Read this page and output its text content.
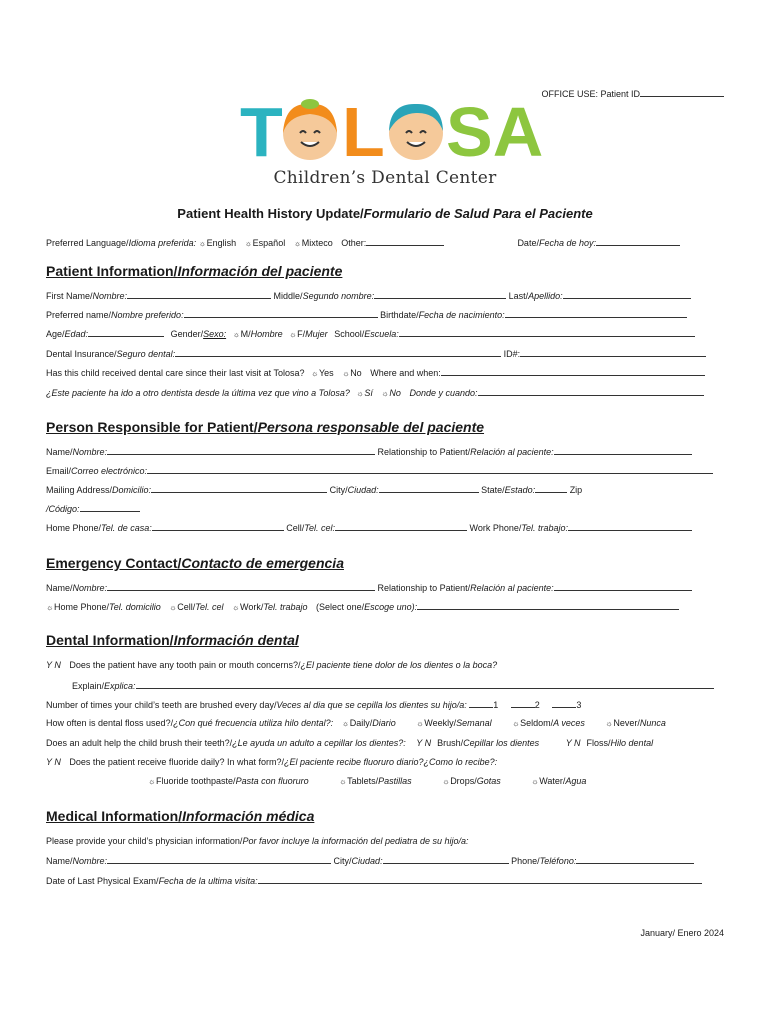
OFFICE USE: Patient ID
T L SA
Children’s Dental Center
Patient Health History Update/Formulario de Salud Para el Paciente
Preferred Language/Idioma preferida: ☼English ☼Español ☼Mixteco Other:	Date/Fecha de hoy:
Patient Information/Información del paciente
First Name/Nombre:	Middle/Segundo nombre:	Last/Apellido:
Preferred name/Nombre preferido:	Birthdate/Fecha de nacimiento:
Age/Edad:	Gender/Sexo: ☼M/Hombre ☼F/Mujer School/Escuela:
Dental Insurance/Seguro dental:	ID#:
Has this child received dental care since their last visit at Tolosa? ☼Yes ☼No Where and when:
¿Este paciente ha ido a otro dentista desde la última vez que vino a Tolosa? ☼Sí ☼No Donde y cuando:
Person Responsible for Patient/Persona responsable del paciente
Name/Nombre:	Relationship to Patient/Relación al paciente:
Email/Correo electrónico:
Mailing Address/Domicilio:	City/Ciudad:	State/Estado:	Zip
/Código:
Home Phone/Tel. de casa:	Cell/Tel. cel:	Work Phone/Tel. trabajo:
Emergency Contact/Contacto de emergencia
Name/Nombre:	Relationship to Patient/Relación al paciente:
☼Home Phone/Tel. domicilio ☼Cell/Tel. cel ☼Work/Tel. trabajo (Select one/Escoge uno):
Dental Information/Información dental
Y N Does the patient have any tooth pain or mouth concerns?/¿El paciente tiene dolor de los dientes o la boca?
Explain/Explica:
Number of times your child’s teeth are brushed every day/Veces al dia que se cepilla los dientes su hijo/a:	1	2	3
How often is dental floss used?/¿Con qué frecuencia utiliza hilo dental?: ☼Daily/Diario	☼Weekly/Semanal	☼Seldom/A veces	☼Never/Nunca
Does an adult help the child brush their teeth?/¿Le ayuda un adulto a cepillar los dientes?: Y N Brush/Cepillar los dientes	Y N Floss/Hilo dental
Y N Does the patient receive fluoride daily? In what form?/¿El paciente recibe fluoruro diario?¿Como lo recibe?:
☼Fluoride toothpaste/Pasta con fluoruro	☼Tablets/Pastillas	☼Drops/Gotas	☼Water/Agua
Medical Information/Información médica
Please provide your child’s physician information/Por favor incluye la información del pediatra de su hijo/a:
Name/Nombre:	City/Ciudad:	Phone/Teléfono:
Date of Last Physical Exam/Fecha de la ultima visita:
January/ Enero 2024
